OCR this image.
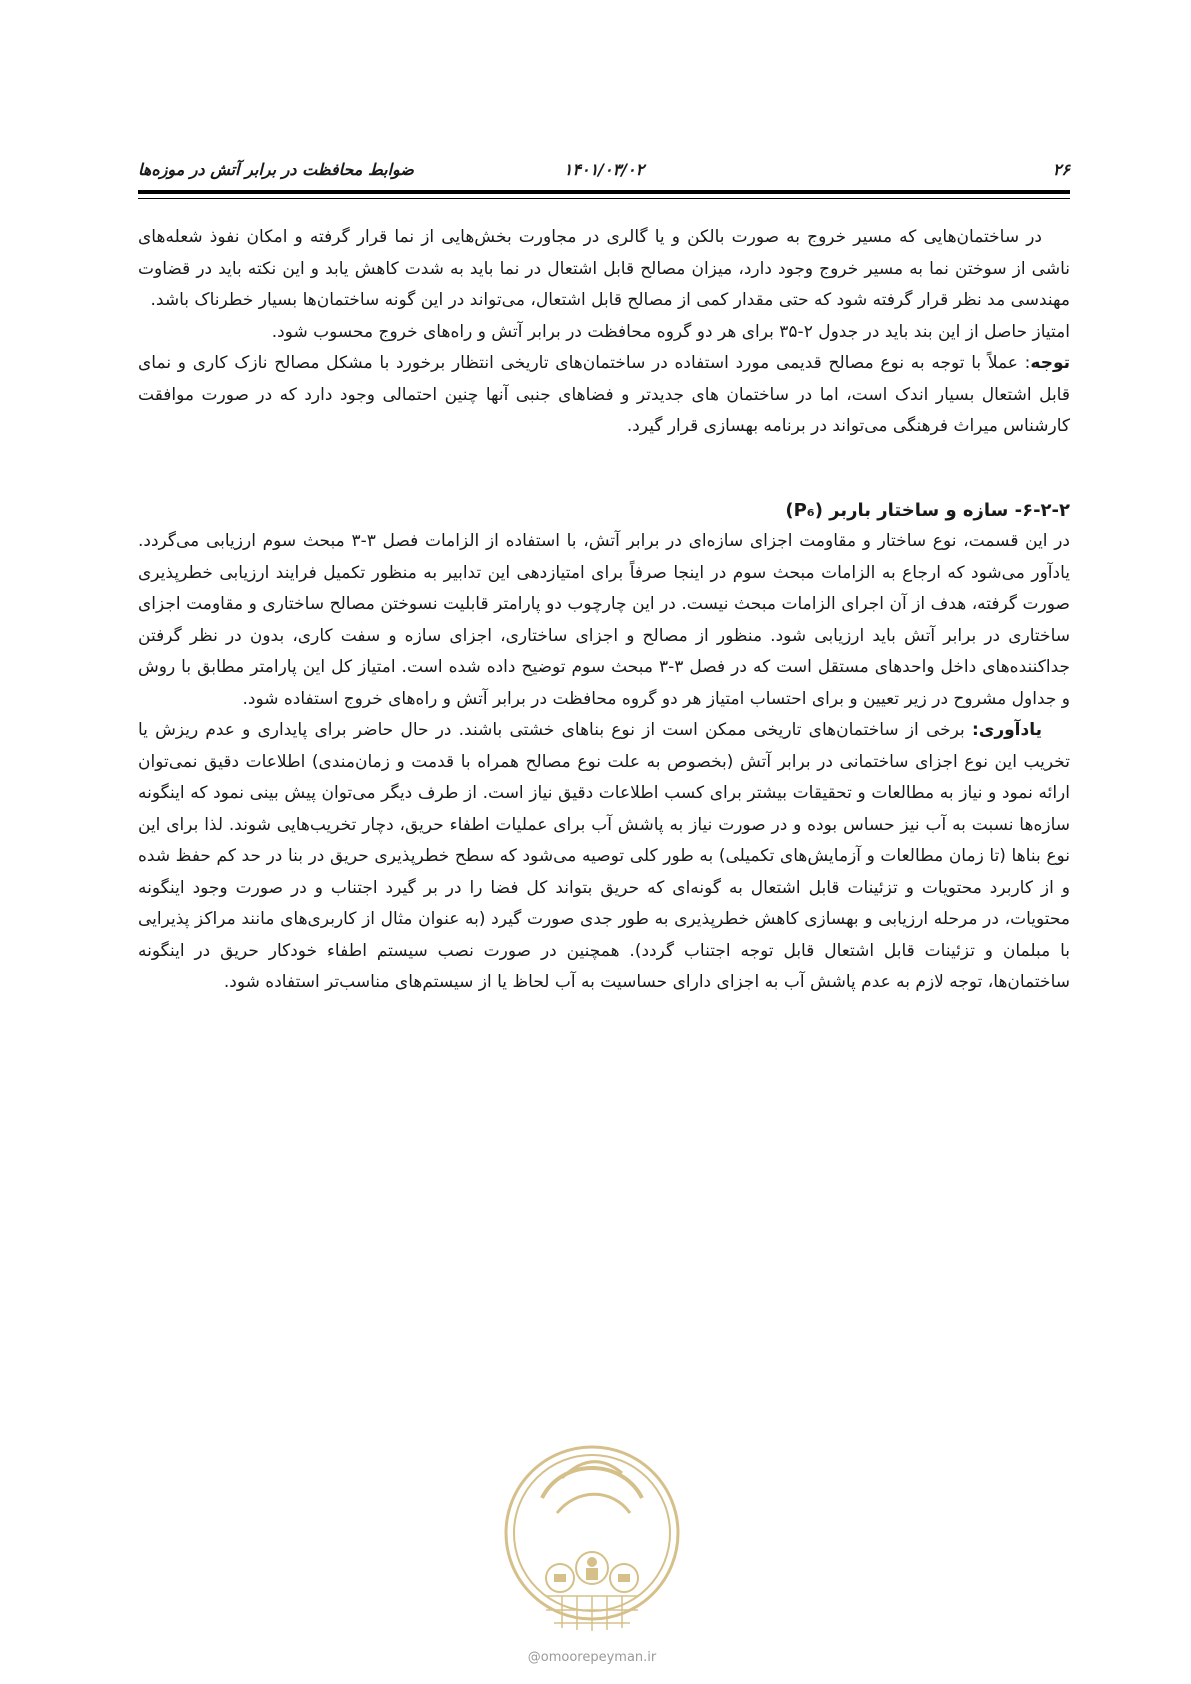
۲۶
۱۴۰۱/۰۳/۰۲
ضوابط محافظت در برابر آتش در موزه‌ها

در ساختمان‌هایی که مسیر خروج به صورت بالکن و یا گالری در مجاورت بخش‌هایی از نما قرار گرفته و امکان نفوذ شعله‌های ناشی از سوختن نما به مسیر خروج وجود دارد، میزان مصالح قابل اشتعال در نما باید به شدت کاهش یابد و این نکته باید در قضاوت مهندسی مد نظر قرار گرفته شود که حتی مقدار کمی از مصالح قابل اشتعال، می‌تواند در این گونه ساختمان‌ها بسیار خطرناک باشد.

امتیاز حاصل از این بند باید در جدول ۲-۳۵ برای هر دو گروه محافظت در برابر آتش و راه‌های خروج محسوب شود.

توجه: عملاً با توجه به نوع مصالح قدیمی مورد استفاده در ساختمان‌های تاریخی انتظار برخورد با مشکل مصالح نازک کاری و نمای قابل اشتعال بسیار اندک است، اما در ساختمان های جدیدتر و فضاهای جنبی آنها چنین احتمالی وجود دارد که در صورت موافقت کارشناس میراث فرهنگی می‌تواند در برنامه بهسازی قرار گیرد.

۶-۲-۲- سازه و ساختار باربر (P₆)

در این قسمت، نوع ساختار و مقاومت اجزای سازه‌ای در برابر آتش، با استفاده از الزامات فصل ۳-۳ مبحث سوم ارزیابی می‌گردد. یادآور می‌شود که ارجاع به الزامات مبحث سوم در اینجا صرفاً برای امتیازدهی این تدابیر به منظور تکمیل فرایند ارزیابی خطرپذیری صورت گرفته، هدف از آن اجرای الزامات مبحث نیست. در این چارچوب دو پارامتر قابلیت نسوختن مصالح ساختاری و مقاومت اجزای ساختاری در برابر آتش باید ارزیابی شود. منظور از مصالح و اجزای ساختاری، اجزای سازه و سفت کاری، بدون در نظر گرفتن جداکننده‌های داخل واحدهای مستقل است که در فصل ۳-۳ مبحث سوم توضیح داده شده است. امتیاز کل این پارامتر مطابق با روش و جداول مشروح در زیر تعیین و برای احتساب امتیاز هر دو گروه محافظت در برابر آتش و راه‌های خروج استفاده شود.

یادآوری: برخی از ساختمان‌های تاریخی ممکن است از نوع بناهای خشتی باشند. در حال حاضر برای پایداری و عدم ریزش یا تخریب این نوع اجزای ساختمانی در برابر آتش (بخصوص به علت نوع مصالح همراه با قدمت و زمان‌مندی) اطلاعات دقیق نمی‌توان ارائه نمود و نیاز به مطالعات و تحقیقات بیشتر برای کسب اطلاعات دقیق نیاز است. از طرف دیگر می‌توان پیش بینی نمود که اینگونه سازه‌ها نسبت به آب نیز حساس بوده و در صورت نیاز به پاشش آب برای عملیات اطفاء حریق، دچار تخریب‌هایی شوند. لذا برای این نوع بناها (تا زمان مطالعات و آزمایش‌های تکمیلی) به طور کلی توصیه می‌شود که سطح خطرپذیری حریق در بنا در حد کم حفظ شده و از کاربرد محتویات و تزئینات قابل اشتعال به گونه‌ای که حریق بتواند کل فضا را در بر گیرد اجتناب و در صورت وجود اینگونه محتویات، در مرحله ارزیابی و بهسازی کاهش خطرپذیری به طور جدی صورت گیرد (به عنوان مثال از کاربری‌های مانند مراکز پذیرایی با مبلمان و تزئینات قابل اشتعال قابل توجه اجتناب گردد). همچنین در صورت نصب سیستم اطفاء خودکار حریق در اینگونه ساختمان‌ها، توجه لازم به عدم پاشش آب به اجزای دارای حساسیت به آب لحاظ یا از سیستم‌های مناسب‌تر استفاده شود.

@omoorepeyman.ir
